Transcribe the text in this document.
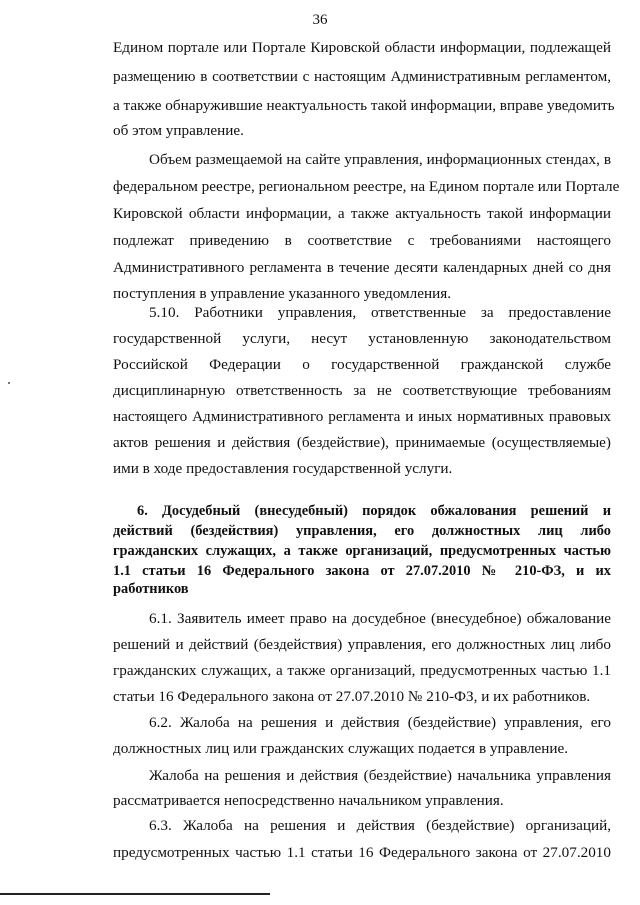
36
Едином портале или Портале Кировской области информации, подлежащей
размещению в соответствии с настоящим Административным регламентом,
а также обнаружившие неактуальность такой информации, вправе уведомить
об этом управление.
Объем размещаемой на сайте управления, информационных стендах, в
федеральном реестре, региональном реестре, на Едином портале или Портале
Кировской области информации, а также актуальность такой информации
подлежат приведению в соответствие с требованиями настоящего
Административного регламента в течение десяти календарных дней со дня
поступления в управление указанного уведомления.
5.10. Работники управления, ответственные за предоставление
государственной услуги, несут установленную законодательством
Российской Федерации о государственной гражданской службе
дисциплинарную ответственность за не соответствующие требованиям
настоящего Административного регламента и иных нормативных правовых
актов решения и действия (бездействие), принимаемые (осуществляемые)
ими в ходе предоставления государственной услуги.
6. Досудебный (внесудебный) порядок обжалования решений и
действий (бездействия) управления, его должностных лиц либо
гражданских служащих, а также организаций, предусмотренных частью
1.1 статьи 16 Федерального закона от 27.07.2010 № 210-ФЗ, и их
работников
6.1. Заявитель имеет право на досудебное (внесудебное) обжалование
решений и действий (бездействия) управления, его должностных лиц либо
гражданских служащих, а также организаций, предусмотренных частью 1.1
статьи 16 Федерального закона от 27.07.2010 № 210-ФЗ, и их работников.
6.2. Жалоба на решения и действия (бездействие) управления, его
должностных лиц или гражданских служащих подается в управление.
Жалоба на решения и действия (бездействие) начальника управления
рассматривается непосредственно начальником управления.
6.3. Жалоба на решения и действия (бездействие) организаций,
предусмотренных частью 1.1 статьи 16 Федерального закона от 27.07.2010
